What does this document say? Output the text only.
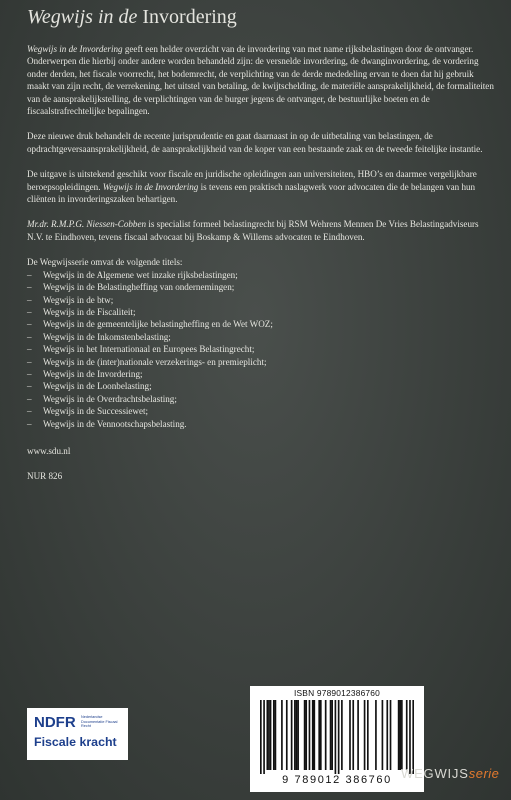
Wegwijs in de Invordering

Wegwijs in de Invordering geeft een helder overzicht van de invordering van met name rijksbelastingen door de ontvanger. Onderwerpen die hierbij onder andere worden behandeld zijn: de versnelde invordering, de dwanginvordering, de vordering onder derden, het fiscale voorrecht, het bodemrecht, de verplichting van de derde mededeling ervan te doen dat hij gebruik maakt van zijn recht, de verrekening, het uitstel van betaling, de kwijtschelding, de materiële aansprakelijkheid, de formaliteiten van de aansprakelijkstelling, de verplichtingen van de burger jegens de ontvanger, de bestuurlijke boeten en de fiscaalstrafrechtelijke bepalingen.

Deze nieuwe druk behandelt de recente jurisprudentie en gaat daarnaast in op de uitbetaling van belastingen, de opdrachtgeversaansprakelijkheid, de aansprakelijkheid van de koper van een bestaande zaak en de tweede feitelijke instantie.

De uitgave is uitstekend geschikt voor fiscale en juridische opleidingen aan universiteiten, HBO’s en daarmee vergelijkbare beroepsopleidingen. Wegwijs in de Invordering is tevens een praktisch naslagwerk voor advocaten die de belangen van hun cliënten in invorderingszaken behartigen.

Mr.dr. R.M.P.G. Niessen-Cobben is specialist formeel belastingrecht bij RSM Wehrens Mennen De Vries Belastingadviseurs N.V. te Eindhoven, tevens fiscaal advocaat bij Boskamp & Willems advocaten te Eindhoven.

De Wegwijsserie omvat de volgende titels:

– Wegwijs in de Algemene wet inzake rijksbelastingen;
– Wegwijs in de Belastingheffing van ondernemingen;
– Wegwijs in de btw;
– Wegwijs in de Fiscaliteit;
– Wegwijs in de gemeentelijke belastingheffing en de Wet WOZ;
– Wegwijs in de Inkomstenbelasting;
– Wegwijs in het Internationaal en Europees Belastingrecht;
– Wegwijs in de (inter)nationale verzekerings- en premieplicht;
– Wegwijs in de Invordering;
– Wegwijs in de Loonbelasting;
– Wegwijs in de Overdrachtsbelasting;
– Wegwijs in de Successiewet;
– Wegwijs in de Vennootschapsbelasting.

www.sdu.nl

NUR 826

ISBN 9789012386760
9 789012 386760
NDFR Nederlandse Documentatie Fiscaal Recht
Fiscale kracht
WEGWIJSserie
